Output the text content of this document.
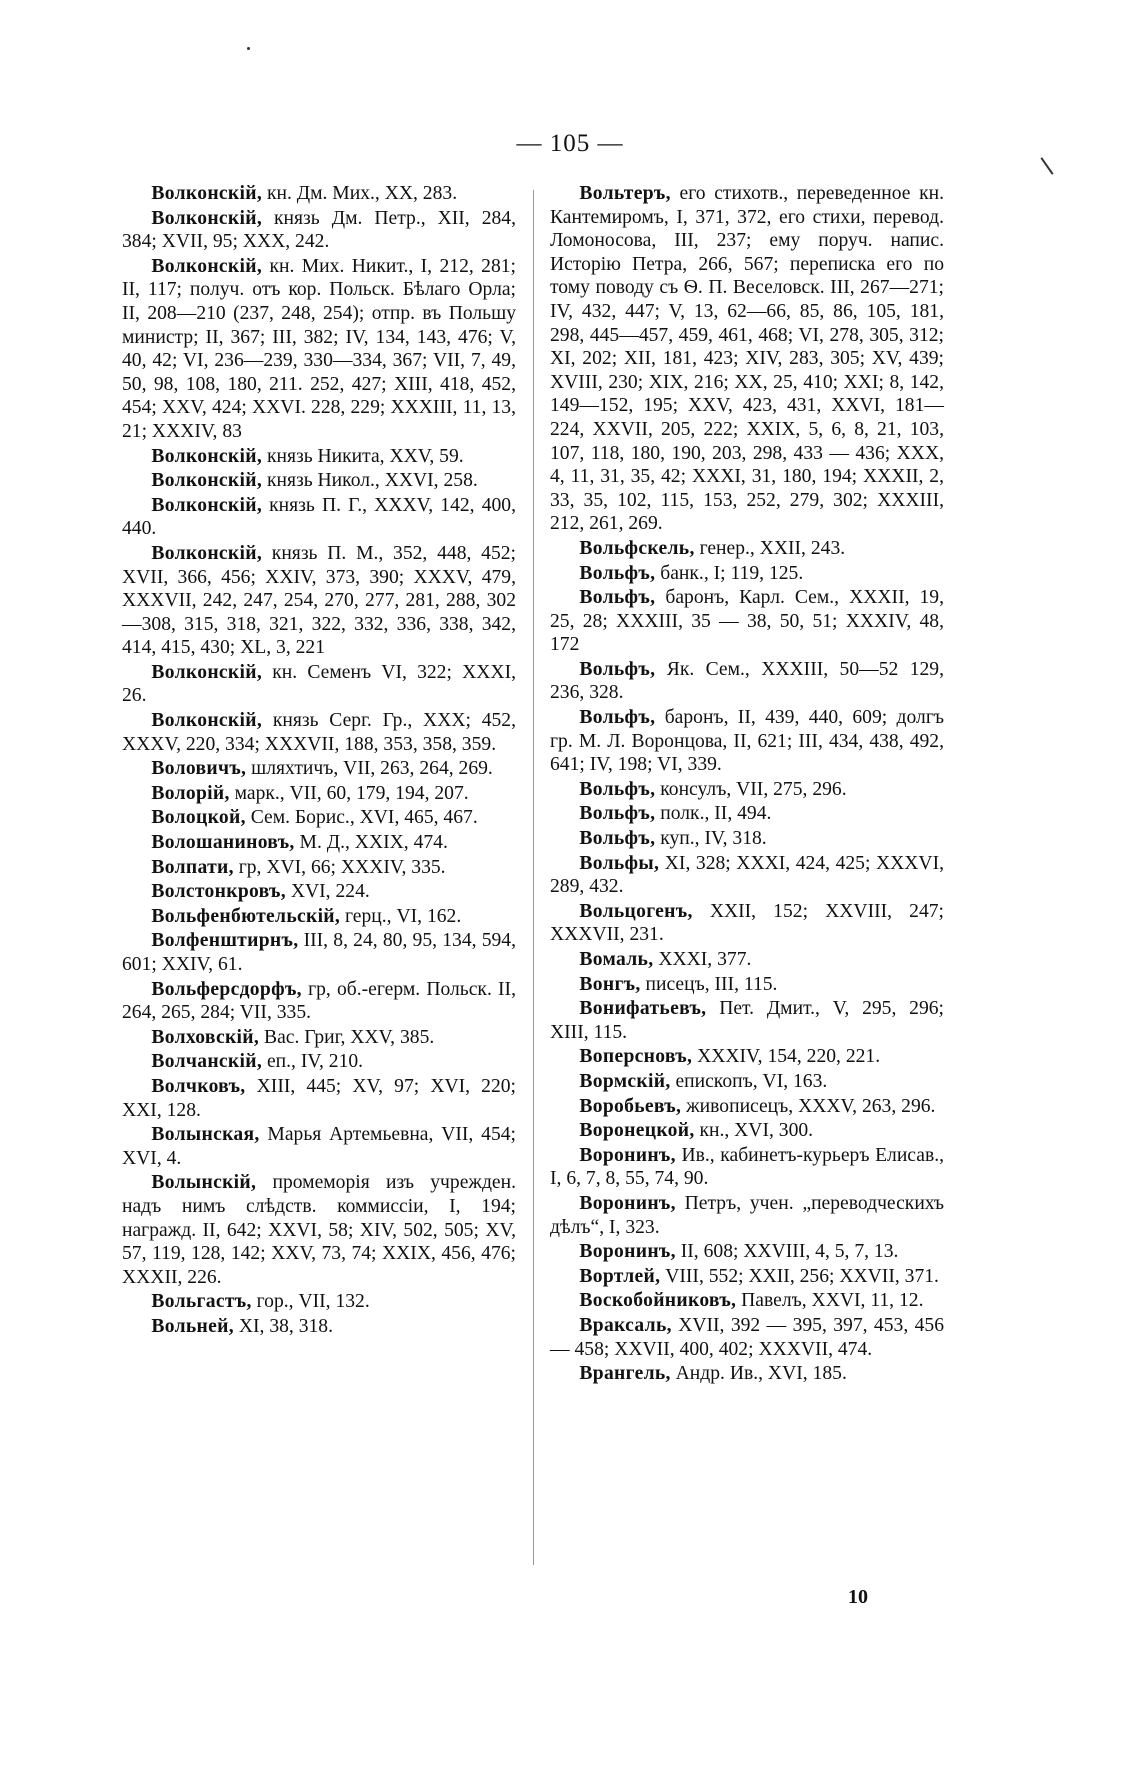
— 105 —

Волконскій, кн. Дм. Мих., XX, 283.

Волконскій, князь Дм. Петр., XII, 284, 384; XVII, 95; XXX, 242.

Волконскій, кн. Мих. Никит., I, 212, 281; II, 117; получ. отъ кор. Польск. Бѣлаго Орла; II, 208—210 (237, 248, 254); отпр. въ Польшу министр; II, 367; III, 382; IV, 134, 143, 476; V, 40, 42; VI, 236—239, 330—334, 367; VII, 7, 49, 50, 98, 108, 180, 211. 252, 427; XIII, 418, 452, 454; XXV, 424; XXVI. 228, 229; XXXIII, 11, 13, 21; XXXIV, 83

Волконскій, князь Никита, XXV, 59.

Волконскій, князь Никол., XXVI, 258.

Волконскій, князь П. Г., XXXV, 142, 400, 440.

Волконскій, князь П. М., 352, 448, 452; XVII, 366, 456; XXIV, 373, 390; XXXV, 479, XXXVII, 242, 247, 254, 270, 277, 281, 288, 302—308, 315, 318, 321, 322, 332, 336, 338, 342, 414, 415, 430; XL, 3, 221

Волконскій, кн. Семенъ VI, 322; XXXI, 26.

Волконскій, князь Серг. Гр., XXX; 452, XXXV, 220, 334; XXXVII, 188, 353, 358, 359.

Воловичъ, шляхтичъ, VII, 263, 264, 269.

Волорій, марк., VII, 60, 179, 194, 207.

Волоцкой, Сем. Борис., XVI, 465, 467.

Волошаниновъ, М. Д., XXIX, 474.

Волпати, гр, XVI, 66; XXXIV, 335.

Волстонкровъ, XVI, 224.

Вольфенбютельскій, герц., VI, 162.

Волфенштирнъ, III, 8, 24, 80, 95, 134, 594, 601; XXIV, 61.

Вольферсдорфъ, гр, об.-егерм. Польск. II, 264, 265, 284; VII, 335.

Волховскій, Вас. Григ, XXV, 385.

Волчанскій, еп., IV, 210.

Волчковъ, XIII, 445; XV, 97; XVI, 220; XXI, 128.

Волынская, Марья Артемьевна, VII, 454; XVI, 4.

Волынскій, промеморія изъ учрежден. надъ нимъ слѣдств. коммиссіи, I, 194; награжд. II, 642; XXVI, 58; XIV, 502, 505; XV, 57, 119, 128, 142; XXV, 73, 74; XXIX, 456, 476; XXXII, 226.

Вольгастъ, гор., VII, 132.

Вольней, XI, 38, 318.

Вольтеръ, его стихотв., переведенное кн. Кантемиромъ, I, 371, 372, его стихи, перевод. Ломоносова, III, 237; ему поруч. напис. Исторію Петра, 266, 567; переписка его по тому поводу съ Ѳ. П. Веселовск. III, 267—271; IV, 432, 447; V, 13, 62—66, 85, 86, 105, 181, 298, 445—457, 459, 461, 468; VI, 278, 305, 312; XI, 202; XII, 181, 423; XIV, 283, 305; XV, 439; XVIII, 230; XIX, 216; XX, 25, 410; XXI; 8, 142, 149—152, 195; XXV, 423, 431, XXVI, 181—224, XXVII, 205, 222; XXIX, 5, 6, 8, 21, 103, 107, 118, 180, 190, 203, 298, 433 — 436; XXX, 4, 11, 31, 35, 42; XXXI, 31, 180, 194; XXXII, 2, 33, 35, 102, 115, 153, 252, 279, 302; XXXIII, 212, 261, 269.

Вольфскель, генер., XXII, 243.

Вольфъ, банк., I; 119, 125.

Вольфъ, баронъ, Карл. Сем., XXXII, 19, 25, 28; XXXIII, 35 — 38, 50, 51; XXXIV, 48, 172

Вольфъ, Як. Сем., XXXIII, 50—52 129, 236, 328.

Вольфъ, баронъ, II, 439, 440, 609; долгъ гр. М. Л. Воронцова, II, 621; III, 434, 438, 492, 641; IV, 198; VI, 339.

Вольфъ, консулъ, VII, 275, 296.

Вольфъ, полк., II, 494.

Вольфъ, куп., IV, 318.

Вольфы, XI, 328; XXXI, 424, 425; XXXVI, 289, 432.

Вольцогенъ, XXII, 152; XXVIII, 247; XXXVII, 231.

Вомаль, XXXI, 377.

Вонгъ, писецъ, III, 115.

Вонифатьевъ, Пет. Дмит., V, 295, 296; XIII, 115.

Воперсновъ, XXXIV, 154, 220, 221.

Вормскій, епископъ, VI, 163.

Воробьевъ, живописецъ, XXXV, 263, 296.

Воронецкой, кн., XVI, 300.

Воронинъ, Ив., кабинетъ-курьеръ Елисав., I, 6, 7, 8, 55, 74, 90.

Воронинъ, Петръ, учен. „переводческихъ дѣлъ“, I, 323.

Воронинъ, II, 608; XXVIII, 4, 5, 7, 13.

Вортлей, VIII, 552; XXII, 256; XXVII, 371.

Воскобойниковъ, Павелъ, XXVI, 11, 12.

Враксаль, XVII, 392 — 395, 397, 453, 456 — 458; XXVII, 400, 402; XXXVII, 474.

Врангель, Андр. Ив., XVI, 185.

10
